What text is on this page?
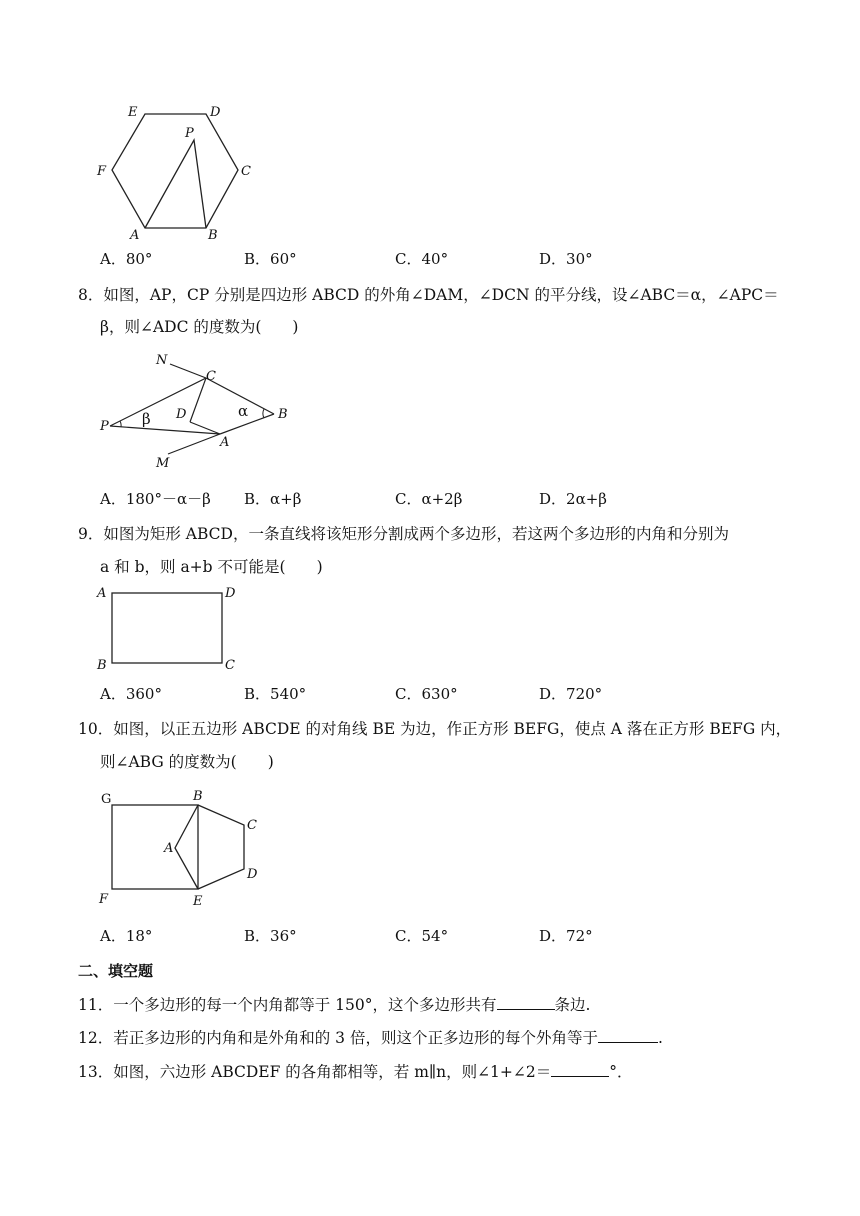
E	D
P
F	C
A	B
A．80°	B．60°	C．40°	D．30°
8．如图，AP，CP 分别是四边形 ABCD 的外角∠DAM，∠DCN 的平分线，设∠ABC＝α，∠APC＝
β，则∠ADC 的度数为(　　)
N
C
D	α B
P β
A
M
A．180°－α－β B．α+β	C．α+2β	D．2α+β
9．如图为矩形 ABCD，一条直线将该矩形分割成两个多边形，若这两个多边形的内角和分别为
a 和 b，则 a+b 不可能是(　　)
A	D
B	C
A．360°	B．540°	C．630°	D．720°
10．如图，以正五边形 ABCDE 的对角线 BE 为边，作正方形 BEFG，使点 A 落在正方形 BEFG 内，
则∠ABG 的度数为(　　)
G	B
C
A
D
F	E
A．18°	B．36°	C．54°	D．72°
二、填空题
11．一个多边形的每一个内角都等于 150°，这个多边形共有	条边.
12．若正多边形的内角和是外角和的 3 倍，则这个正多边形的每个外角等于	.
13．如图，六边形 ABCDEF 的各角都相等，若 m∥n，则∠1+∠2＝	°．
